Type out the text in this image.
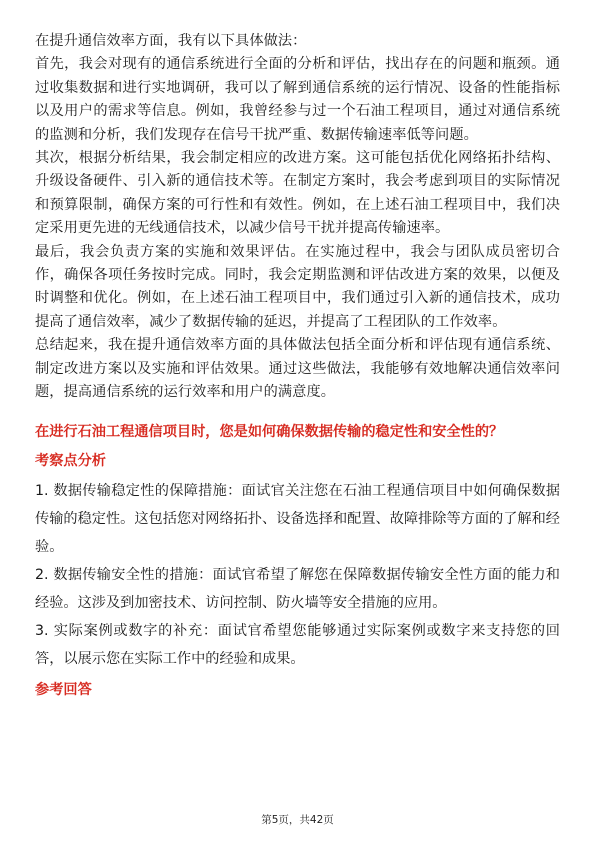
在提升通信效率方面，我有以下具体做法：

首先，我会对现有的通信系统进行全面的分析和评估，找出存在的问题和瓶颈。通过收集数据和进行实地调研，我可以了解到通信系统的运行情况、设备的性能指标以及用户的需求等信息。例如，我曾经参与过一个石油工程项目，通过对通信系统的监测和分析，我们发现存在信号干扰严重、数据传输速率低等问题。

其次，根据分析结果，我会制定相应的改进方案。这可能包括优化网络拓扑结构、升级设备硬件、引入新的通信技术等。在制定方案时，我会考虑到项目的实际情况和预算限制，确保方案的可行性和有效性。例如，在上述石油工程项目中，我们决定采用更先进的无线通信技术，以减少信号干扰并提高传输速率。

最后，我会负责方案的实施和效果评估。在实施过程中，我会与团队成员密切合作，确保各项任务按时完成。同时，我会定期监测和评估改进方案的效果，以便及时调整和优化。例如，在上述石油工程项目中，我们通过引入新的通信技术，成功提高了通信效率，减少了数据传输的延迟，并提高了工程团队的工作效率。

总结起来，我在提升通信效率方面的具体做法包括全面分析和评估现有通信系统、制定改进方案以及实施和评估效果。通过这些做法，我能够有效地解决通信效率问题，提高通信系统的运行效率和用户的满意度。

在进行石油工程通信项目时，您是如何确保数据传输的稳定性和安全性的？

考察点分析

1. 数据传输稳定性的保障措施：面试官关注您在石油工程通信项目中如何确保数据传输的稳定性。这包括您对网络拓扑、设备选择和配置、故障排除等方面的了解和经验。

2. 数据传输安全性的措施：面试官希望了解您在保障数据传输安全性方面的能力和经验。这涉及到加密技术、访问控制、防火墙等安全措施的应用。

3. 实际案例或数字的补充：面试官希望您能够通过实际案例或数字来支持您的回答，以展示您在实际工作中的经验和成果。

参考回答

第5页，共42页
